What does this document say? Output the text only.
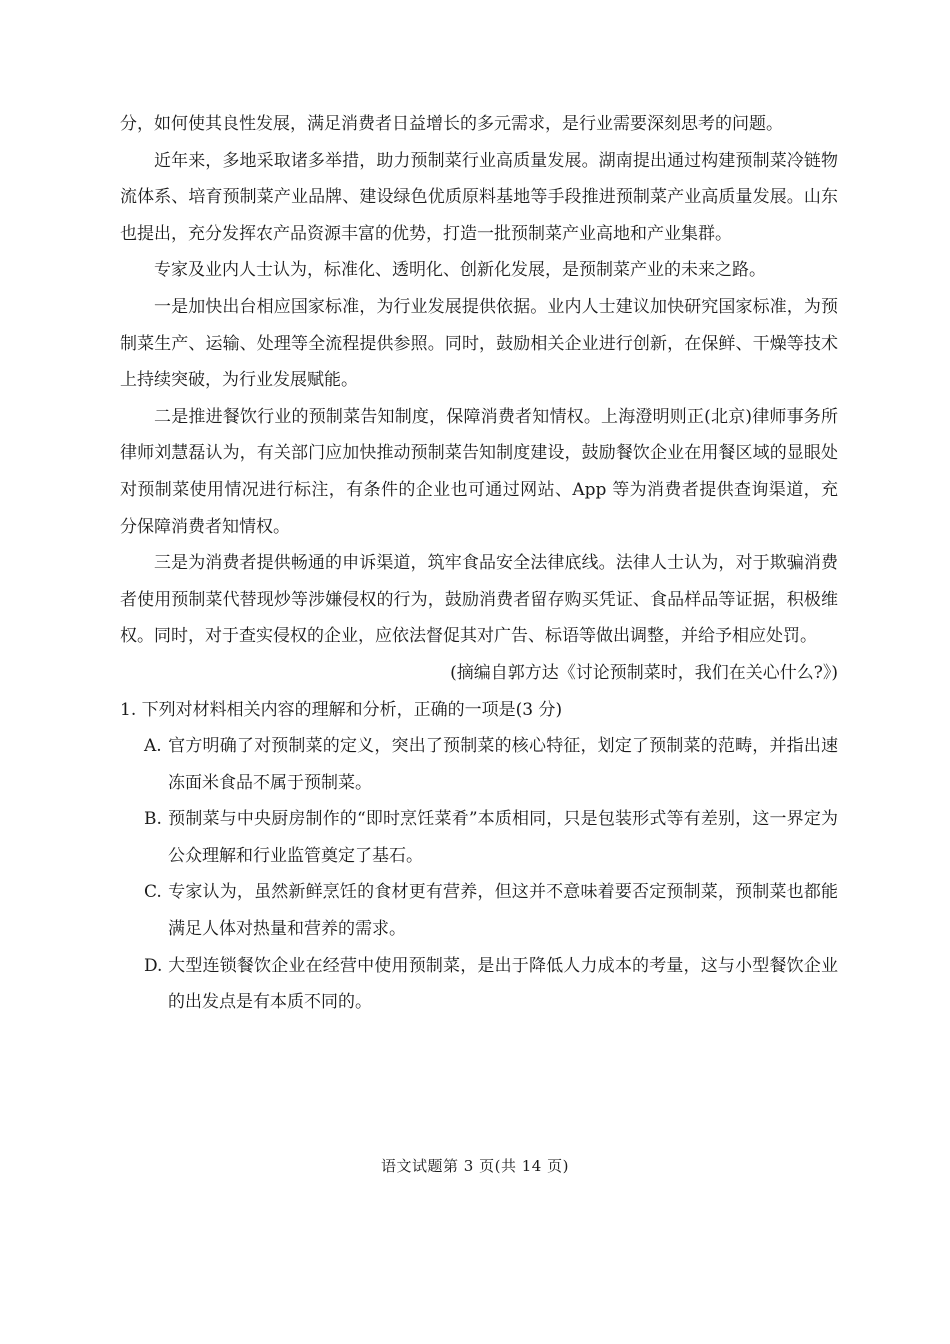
分，如何使其良性发展，满足消费者日益增长的多元需求，是行业需要深刻思考的问题。

近年来，多地采取诸多举措，助力预制菜行业高质量发展。湖南提出通过构建预制菜冷链物流体系、培育预制菜产业品牌、建设绿色优质原料基地等手段推进预制菜产业高质量发展。山东也提出，充分发挥农产品资源丰富的优势，打造一批预制菜产业高地和产业集群。

专家及业内人士认为，标准化、透明化、创新化发展，是预制菜产业的未来之路。

一是加快出台相应国家标准，为行业发展提供依据。业内人士建议加快研究国家标准，为预制菜生产、运输、处理等全流程提供参照。同时，鼓励相关企业进行创新，在保鲜、干燥等技术上持续突破，为行业发展赋能。

二是推进餐饮行业的预制菜告知制度，保障消费者知情权。上海澄明则正(北京)律师事务所律师刘慧磊认为，有关部门应加快推动预制菜告知制度建设，鼓励餐饮企业在用餐区域的显眼处对预制菜使用情况进行标注，有条件的企业也可通过网站、App 等为消费者提供查询渠道，充分保障消费者知情权。

三是为消费者提供畅通的申诉渠道，筑牢食品安全法律底线。法律人士认为，对于欺骗消费者使用预制菜代替现炒等涉嫌侵权的行为，鼓励消费者留存购买凭证、食品样品等证据，积极维权。同时，对于查实侵权的企业，应依法督促其对广告、标语等做出调整，并给予相应处罚。

(摘编自郭方达《讨论预制菜时，我们在关心什么?》)

1. 下列对材料相关内容的理解和分析，正确的一项是(3 分)

A. 官方明确了对预制菜的定义，突出了预制菜的核心特征，划定了预制菜的范畴，并指出速冻面米食品不属于预制菜。

B. 预制菜与中央厨房制作的“即时烹饪菜肴”本质相同，只是包装形式等有差别，这一界定为公众理解和行业监管奠定了基石。

C. 专家认为，虽然新鲜烹饪的食材更有营养，但这并不意味着要否定预制菜，预制菜也都能满足人体对热量和营养的需求。

D. 大型连锁餐饮企业在经营中使用预制菜，是出于降低人力成本的考量，这与小型餐饮企业的出发点是有本质不同的。

语文试题第 3 页(共 14 页)
